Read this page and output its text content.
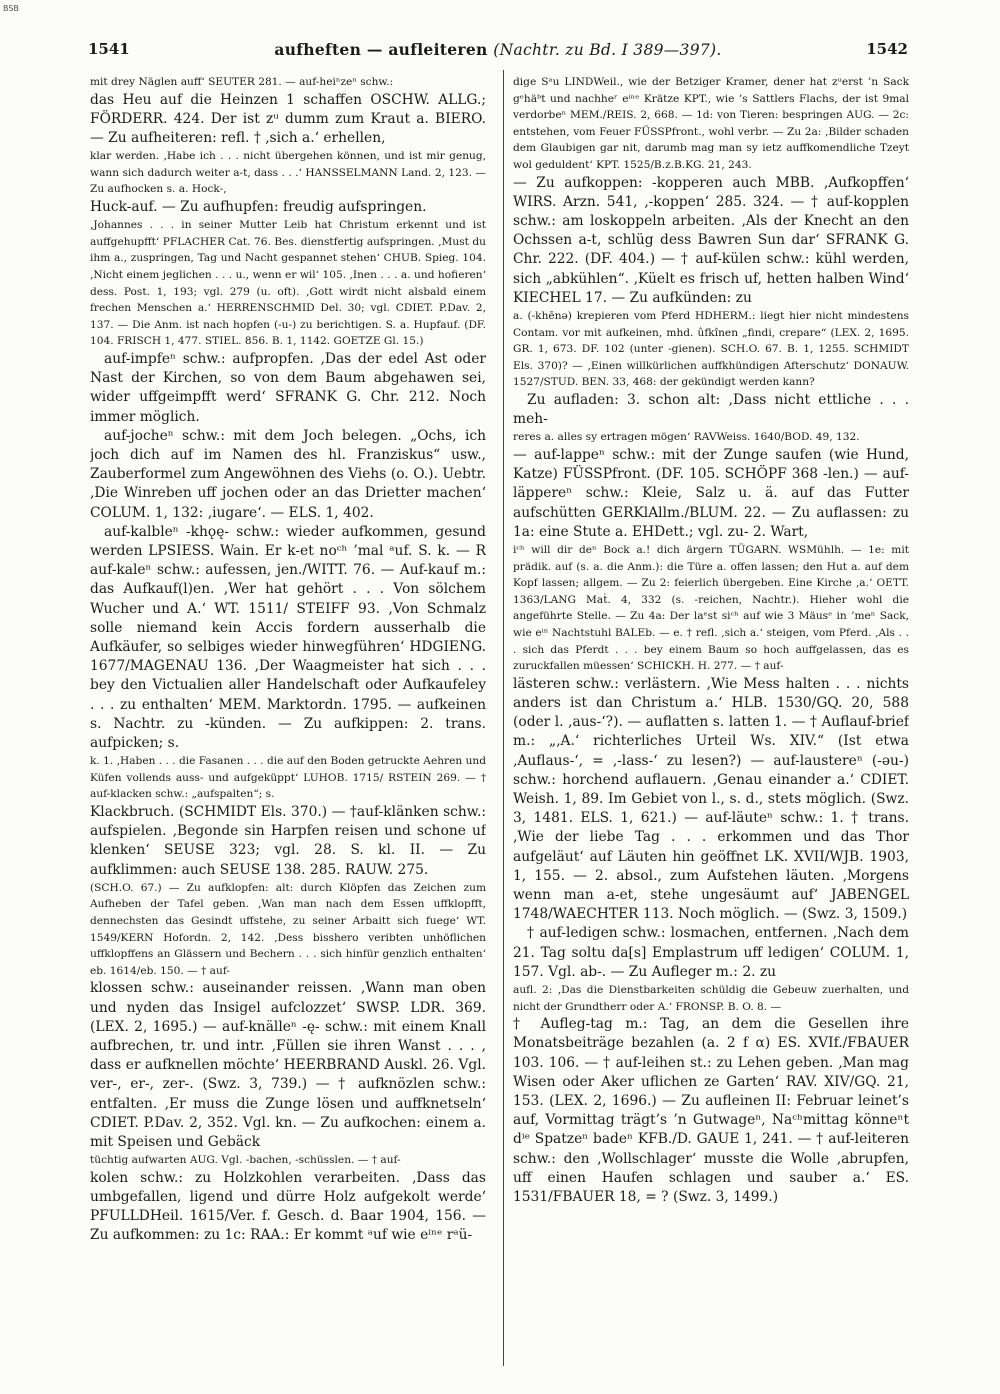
BSB
1541	aufheften — aufleiteren (Nachtr. zu Bd. I 389—397).	1542

mit drey Näglen auff‘ SEUTER 281. — auf-heiⁿzeⁿ schw.:

das Heu auf die Heinzen 1 schaffen OSCHW. ALLG.; FÖRDERR. 424. Der ist zᵘ dumm zum Kraut a. BIERO. — Zu aufheiteren: refl. † ‚sich a.‘ erhellen,

klar werden. ‚Habe ich . . . nicht übergehen können, und ist mir genug, wann sich dadurch weiter a-t, dass . . .‘ HANSSELMANN Land. 2, 123. — Zu aufhocken s. a. Hock-,

Huck-auf. — Zu aufhupfen: freudig aufspringen.

‚Johannes . . . in seiner Mutter Leib hat Christum erkennt und ist auffgehupfft‘ PFLACHER Cat. 76. Bes. dienstfertig aufspringen. ‚Must du ihm a., zuspringen, Tag und Nacht gespannet stehen‘ CHUB. Spieg. 104. ‚Nicht einem jeglichen . . . u., wenn er wil‘ 105. ‚Inen . . . a. und hofieren‘ dess. Post. 1, 193; vgl. 279 (u. oft). ‚Gott wirdt nicht alsbald einem frechen Menschen a.‘ HERRENSCHMID Del. 30; vgl. CDIET. P.Dav. 2, 137. — Die Anm. ist nach hopfen (-u-) zu berichtigen. S. a. Hupfauf. (DF. 104. FRISCH 1, 477. STIEL. 856. B. 1, 1142. GOETZE Gl. 15.)

auf-impfeⁿ schw.: aufpropfen. ‚Das der edel Ast oder Nast der Kirchen, so von dem Baum abgehawen sei, wider uffgeimpfft werd‘ SFRANK G. Chr. 212. Noch immer möglich.

auf-jocheⁿ schw.: mit dem Joch belegen. „Ochs, ich joch dich auf im Namen des hl. Franziskus“ usw., Zauberformel zum Angewöhnen des Viehs (o. O.). Uebtr. ‚Die Winreben uff jochen oder an das Drietter machen‘ COLUM. 1, 132: ‚iugare‘. — ELS. 1, 402.

auf-kalbleⁿ -khǫę- schw.: wieder aufkommen, gesund werden LPSIESS. Wain. Er k-et noᶜʰ ’mal ᵃuf. S. k. — R auf-kaleⁿ schw.: aufessen, jen./WITT. 76. — Auf-kauf m.: das Aufkauf(l)en. ‚Wer hat gehört . . . Von sölchem Wucher und A.‘ WT. 1511/ STEIFF 93. ‚Von Schmalz solle niemand kein Accis fordern ausserhalb die Aufkäufer, so selbiges wieder hinwegführen‘ HDGIENG. 1677/MAGENAU 136. ‚Der Waagmeister hat sich . . . bey den Victualien aller Handelschaft oder Aufkaufeley . . . zu enthalten‘ MEM. Marktordn. 1795. — aufkeinen s. Nachtr. zu -künden. — Zu aufkippen: 2. trans. aufpicken; s.

k. 1. ‚Haben . . . die Fasanen . . . die auf den Boden getruckte Aehren und Küfen vollends auss- und aufgeküppt‘ LUHOB. 1715/ RSTEIN 269. — † auf-klacken schw.: „aufspalten“; s.

Klackbruch. (SCHMIDT Els. 370.) — †auf-klänken schw.: aufspielen. ‚Begonde sin Harpfen reisen und schone uf klenken‘ SEUSE 323; vgl. 28. S. kl. II. — Zu aufklimmen: auch SEUSE 138. 285. RAUW. 275.

(SCH.O. 67.) — Zu aufklopfen: alt: durch Klöpfen das Zeichen zum Aufheben der Tafel geben. ‚Wan man nach dem Essen uffklopfft, dennechsten das Gesindt uffstehe, zu seiner Arbaitt sich fuege‘ WT. 1549/KERN Hofordn. 2, 142. ‚Dess bisshero veribten unhöflichen uffklopffens an Glässern und Bechern . . . sich hinfür genzlich enthalten‘ eb. 1614/eb. 150. — † auf-

klossen schw.: auseinander reissen. ‚Wann man oben und nyden das Insigel aufclozzet‘ SWSP. LDR. 369. (LEX. 2, 1695.) — auf-knälleⁿ -ę- schw.: mit einem Knall aufbrechen, tr. und intr. ‚Füllen sie ihren Wanst . . . , dass er aufknellen möchte‘ HEERBRAND Auskl. 26. Vgl. ver-, er-, zer-. (Swz. 3, 739.) — † aufknözlen schw.: entfalten. ‚Er muss die Zunge lösen und auffknetseln‘ CDIET. P.Dav. 2, 352. Vgl. kn. — Zu aufkochen: einem a. mit Speisen und Gebäck

tüchtig aufwarten AUG. Vgl. -bachen, -schüsslen. — † auf-

kolen schw.: zu Holzkohlen verarbeiten. ‚Dass das umbgefallen, ligend und dürre Holz aufgekolt werde‘ PFULLDHeil. 1615/Ver. f. Gesch. d. Baar 1904, 156. — Zu aufkommen: zu 1c: RAA.: Er kommt ᵃuf wie eⁱⁿᵉ rᵃü-

dige Sᵃu LINDWeil., wie der Betziger Kramer, dener hat zᵘerst ’n Sack gᵉhäᵇt und nachheʳ eⁱⁿᵉ Krätze KPT., wie ’s Sattlers Flachs, der ist 9mal verdorbeⁿ MEM./REIS. 2, 668. — 1d: von Tieren: bespringen AUG. — 2c: entstehen, vom Feuer FÜSSPfront., wohl verbr. — Zu 2a: ‚Bilder schaden dem Glaubigen gar nit, darumb mag man sy ietz auffkomendliche Tzeyt wol geduldent‘ KPT. 1525/B.z.B.KG. 21, 243.

— Zu aufkoppen: -kopperen auch MBB. ‚Aufkopffen‘ WIRS. Arzn. 541, ‚-koppen‘ 285. 324. — † auf-kopplen schw.: am loskoppeln arbeiten. ‚Als der Knecht an den Ochssen a-t, schlüg dess Bawren Sun dar‘ SFRANK G. Chr. 222. (DF. 404.) — † auf-külen schw.: kühl werden, sich „abkühlen“. ‚Küelt es frisch uf, hetten halben Wind‘ KIECHEL 17. — Zu aufkünden: zu

a. (-khēnə) krepieren vom Pferd HDHERM.: liegt hier nicht mindestens Contam. vor mit aufkeinen, mhd. ûfkînen „findi, crepare“ (LEX. 2, 1695. GR. 1, 673. DF. 102 (unter -gienen). SCH.O. 67. B. 1, 1255. SCHMIDT Els. 370)? — ‚Einen willkürlichen auffkhündigen Afterschutz‘ DONAUW. 1527/STUD. BEN. 33, 468: der gekündigt werden kann?

Zu aufladen: 3. schon alt: ‚Dass nicht ettliche . . . meh-

reres a. alles sy ertragen mögen‘ RAVWeiss. 1640/BOD. 49, 132.

— auf-lappeⁿ schw.: mit der Zunge saufen (wie Hund, Katze) FÜSSPfront. (DF. 105. SCHÖPF 368 -len.) — auf-läppereⁿ schw.: Kleie, Salz u. ä. auf das Futter aufschütten GERKlAllm./BLUM. 22. — Zu auflassen: zu 1a: eine Stute a. EHDett.; vgl. zu- 2. Wart,

iᶜʰ will dir deⁿ Bock a.! dich ärgern TÜGARN. WSMühlh. — 1e: mit prädik. auf (s. a. die Anm.): die Türe a. offen lassen; den Hut a. auf dem Kopf lassen; allgem. — Zu 2: feierlich übergeben. Eine Kirche ‚a.‘ OETT. 1363/LANG Maṫ. 4, 332 (s. -reichen, Nachtr.). Hieher wohl die angeführte Stelle. — Zu 4a: Der laᵉst siᶜʰ auf wie 3 Mäusᵉ in ’meⁿ Sack, wie eⁱⁿ Nachtstuhl BALEb. — e. † refl. ‚sich a.‘ steigen, vom Pferd. ‚Als . . . sich das Pferdt . . . bey einem Baum so hoch auffgelassen, das es zuruckfallen müessen‘ SCHICKH. H. 277. — † auf-

lästeren schw.: verlästern. ‚Wie Mess halten . . . nichts anders ist dan Christum a.‘ HLB. 1530/GQ. 20, 588 (oder l. ‚aus-‘?). — auflatten s. latten 1. — † Auflauf-brief m.: „‚A.‘ richterliches Urteil Ws. XIV.“ (Ist etwa ‚Auflaus-‘, = ‚-lass-‘ zu lesen?) — auf-laustereⁿ (-əu-) schw.: horchend auflauern. ‚Genau einander a.‘ CDIET. Weish. 1, 89. Im Gebiet von l., s. d., stets möglich. (Swz. 3, 1481. ELS. 1, 621.) — auf-läuteⁿ schw.: 1. † trans. ‚Wie der liebe Tag . . . erkommen und das Thor aufgeläut‘ auf Läuten hin geöffnet LK. XVII/WJB. 1903, 1, 155. — 2. absol., zum Aufstehen läuten. ‚Morgens wenn man a-et, stehe ungesäumt auf‘ JABENGEL 1748/WAECHTER 113. Noch möglich. — (Swz. 3, 1509.)

† auf-ledigen schw.: losmachen, entfernen. ‚Nach dem 21. Tag soltu da[s] Emplastrum uff ledigen‘ COLUM. 1, 157. Vgl. ab-. — Zu Aufleger m.: 2. zu

aufl. 2: ‚Das die Dienstbarkeiten schüldig die Gebeuw zuerhalten, und nicht der Grundtherr oder A.‘ FRONSP. B. O. 8. —

† Aufleg-tag m.: Tag, an dem die Gesellen ihre Monatsbeiträge bezahlen (a. 2 f α) ES. XVIf./FBAUER 103. 106. — † auf-leihen st.: zu Lehen geben. ‚Man mag Wisen oder Aker uflichen ze Garten‘ RAV. XIV/GQ. 21, 153. (LEX. 2, 1696.) — Zu aufleinen II: Februar leinet’s auf, Vormittag trägt’s ’n Gutwageⁿ, Naᶜʰmittag könneⁿt dⁱᵉ Spatzeⁿ badeⁿ KFB./D. GAUE 1, 241. — † auf-leiteren schw.: den ‚Wollschlager‘ musste die Wolle ‚abrupfen, uff einen Haufen schlagen und sauber a.‘ ES. 1531/FBAUER 18, = ? (Swz. 3, 1499.)
